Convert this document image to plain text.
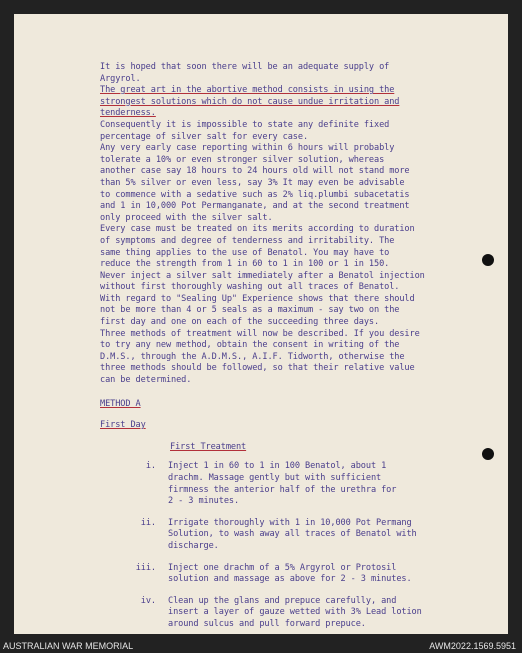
It is hoped that soon there will be an adequate supply of
Argyrol.
The great art in the abortive method consists in using the
strongest solutions which do not cause undue irritation and
tenderness.
Consequently it is impossible to state any definite fixed
percentage of silver salt for every case.
Any very early case reporting within 6 hours will probably
tolerate a 10% or even stronger silver solution, whereas
another case say 18 hours to 24 hours old will not stand more
than 5% silver or even less, say 3% It may even be advisable
to commence with a sedative such as 2% liq.plumbi subacetatis
and 1 in 10,000 Pot Permanganate, and at the second treatment
only proceed with the silver salt.
Every case must be treated on its merits according to duration
of symptoms and degree of tenderness and irritability. The
same thing applies to the use of Benatol. You may have to
reduce the strength from 1 in 60 to 1 in 100 or 1 in 150.
Never inject a silver salt immediately after a Benatol injection
without first thoroughly washing out all traces of Benatol.
With regard to "Sealing Up" Experience shows that there should
not be more than 4 or 5 seals as a maximum - say two on the
first day and one on each of the succeeding three days.
Three methods of treatment will now be described. If you desire
to try any new method, obtain the consent in writing of the
D.M.S., through the A.D.M.S., A.I.F. Tidworth, otherwise the
three methods should be followed, so that their relative value
can be determined.
METHOD A
First Day
First Treatment
i.	Inject 1 in 60 to 1 in 100 Benatol, about 1
drachm. Massage gently but with sufficient
firmness the anterior half of the urethra for
2 - 3 minutes.
ii.	Irrigate thoroughly with 1 in 10,000 Pot Permang
Solution, to wash away all traces of Benatol with
discharge.
iii.	Inject one drachm of a 5% Argyrol or Protosil
solution and massage as above for 2 - 3 minutes.
iv.	Clean up the glans and prepuce carefully, and
insert a layer of gauze wetted with 3% Lead lotion
around sulcus and pull forward prepuce.
AUSTRALIAN WAR MEMORIAL	AWM2022.1569.5951
